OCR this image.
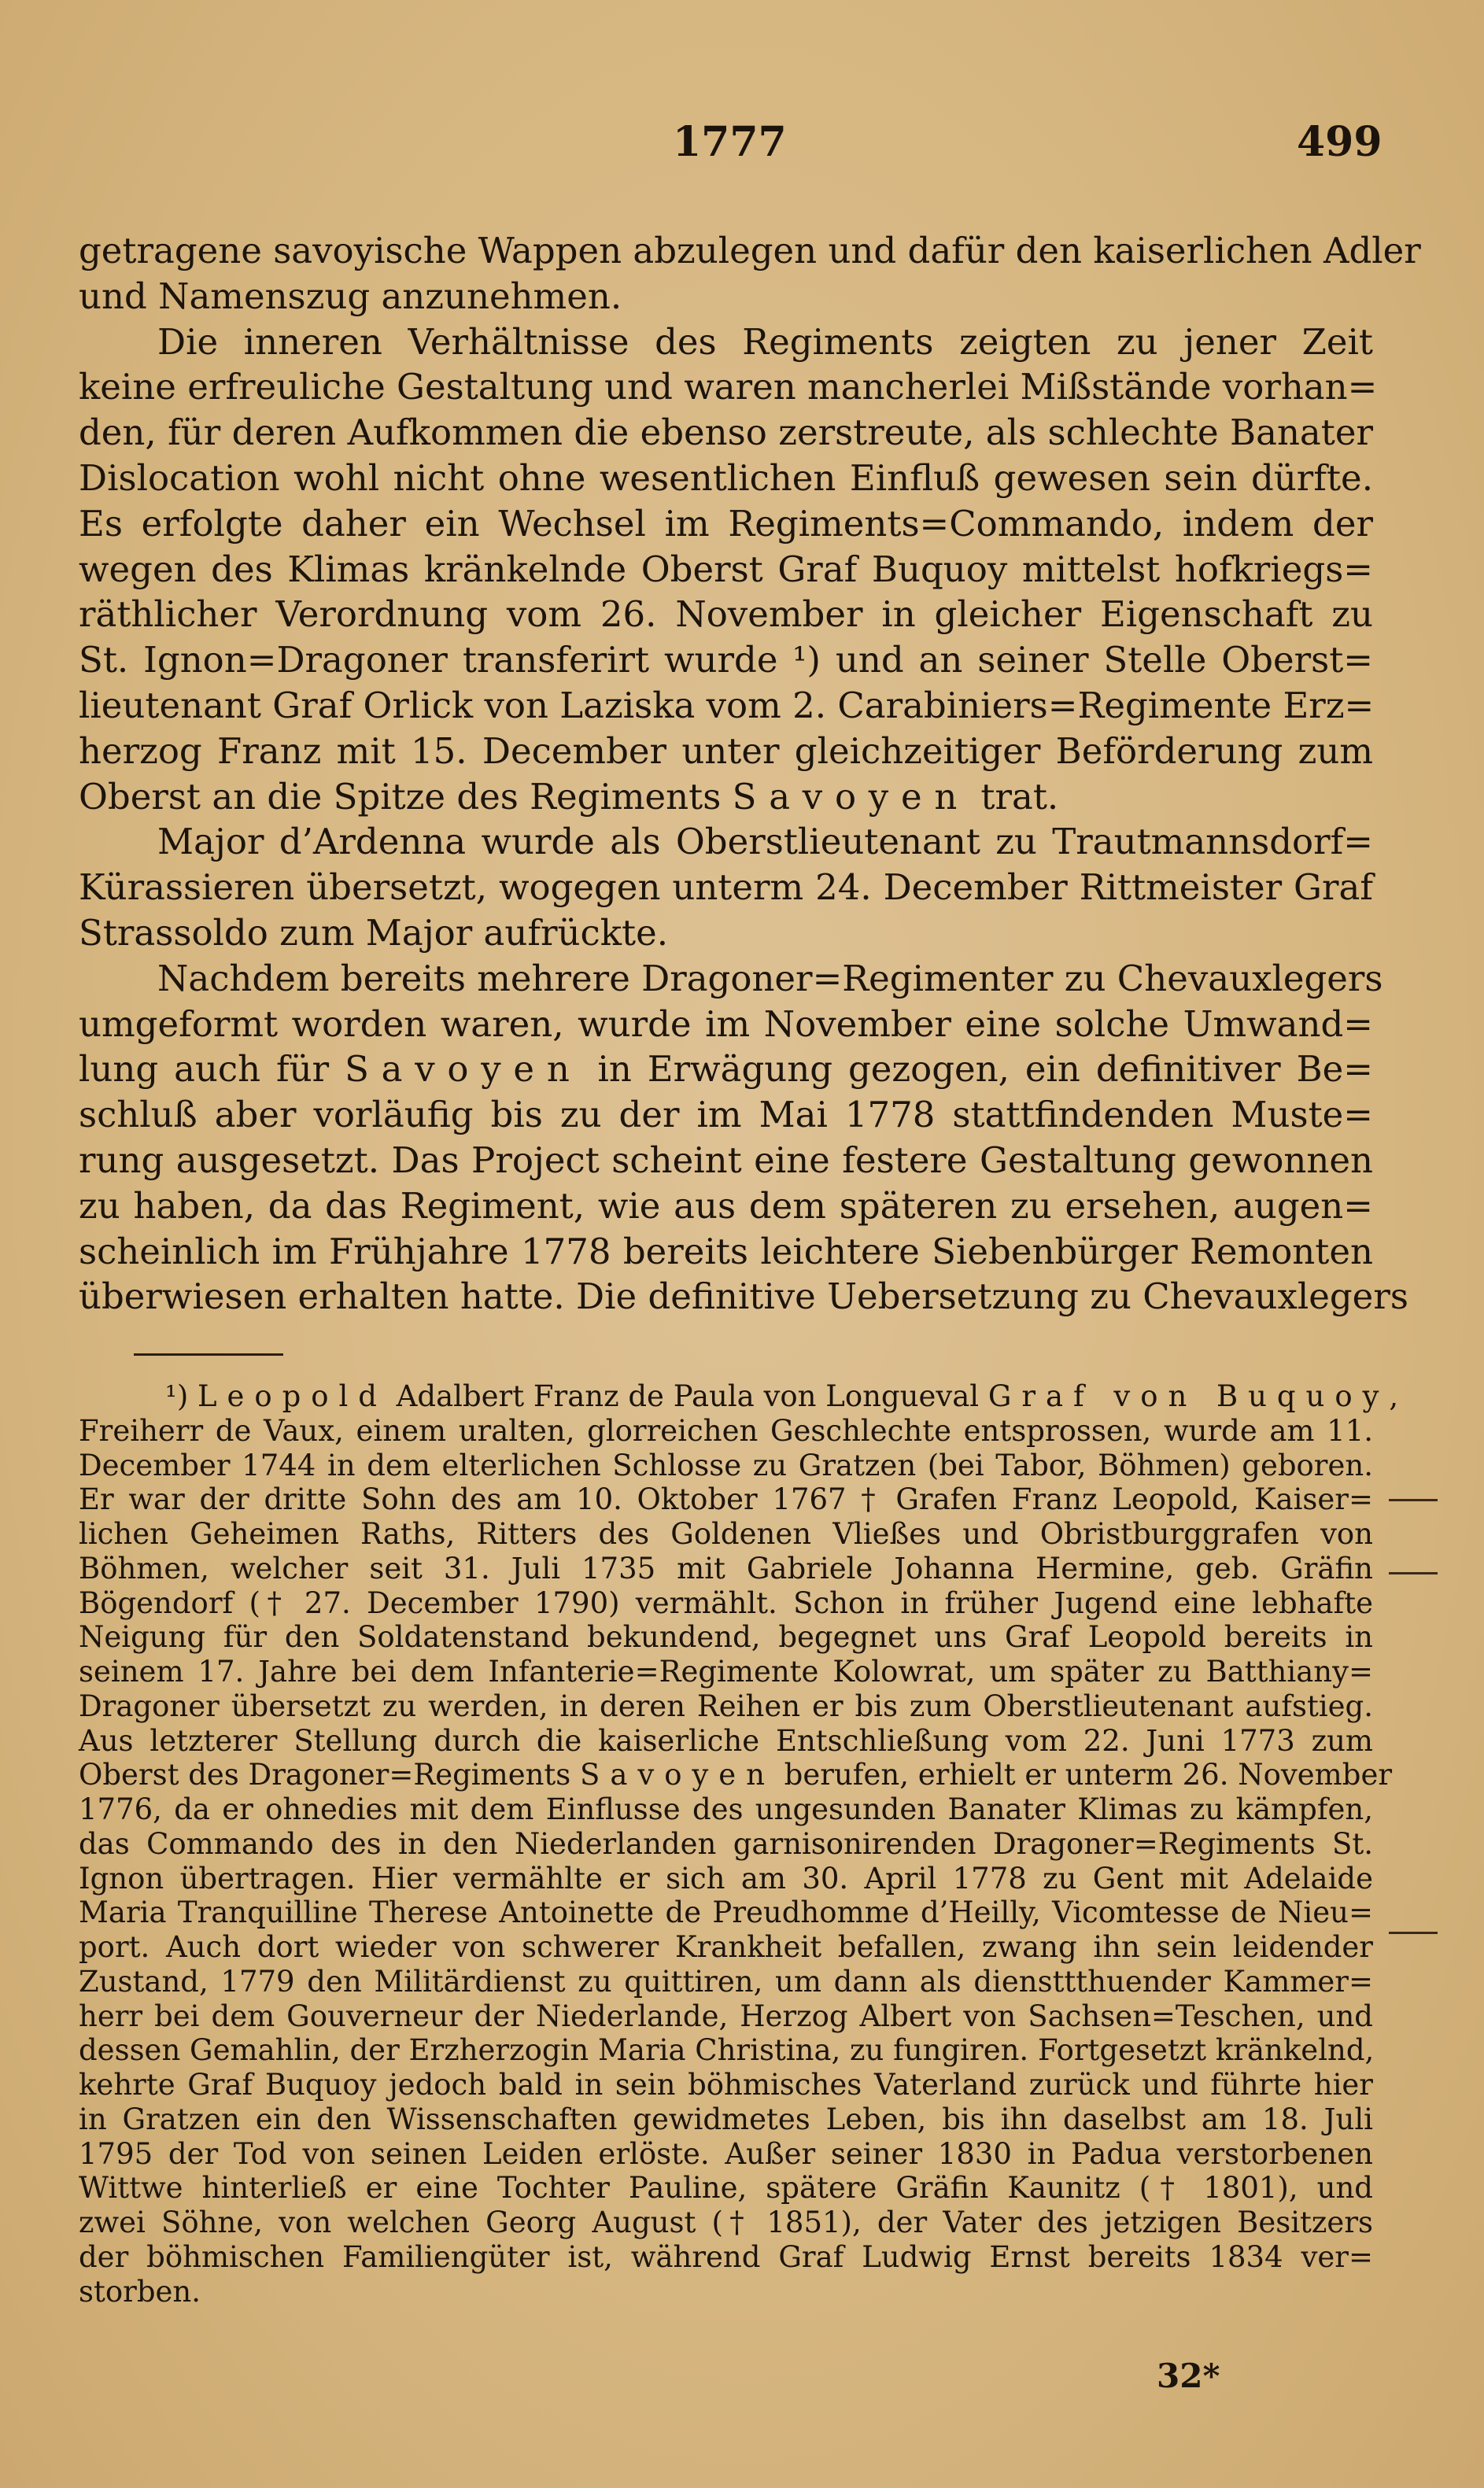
1777	499
getragene savoyische Wappen abzulegen und dafür den kaiserlichen Adler
und Namenszug anzunehmen.
Die inneren Verhältnisse des Regiments zeigten zu jener Zeit
keine erfreuliche Gestaltung und waren mancherlei Mißstände vorhan=
den, für deren Aufkommen die ebenso zerstreute, als schlechte Banater
Dislocation wohl nicht ohne wesentlichen Einfluß gewesen sein dürfte.
Es erfolgte daher ein Wechsel im Regiments=Commando, indem der
wegen des Klimas kränkelnde Oberst Graf Buquoy mittelst hofkriegs=
räthlicher Verordnung vom 26. November in gleicher Eigenschaft zu
St. Ignon=Dragoner transferirt wurde ¹) und an seiner Stelle Oberst=
lieutenant Graf Orlick von Laziska vom 2. Carabiniers=Regimente Erz=
herzog Franz mit 15. December unter gleichzeitiger Beförderung zum
Oberst an die Spitze des Regiments Savoyen trat.
Major d’Ardenna wurde als Oberstlieutenant zu Trautmannsdorf=
Kürassieren übersetzt, wogegen unterm 24. December Rittmeister Graf
Strassoldo zum Major aufrückte.
Nachdem bereits mehrere Dragoner=Regimenter zu Chevauxlegers
umgeformt worden waren, wurde im November eine solche Umwand=
lung auch für Savoyen in Erwägung gezogen, ein definitiver Be=
schluß aber vorläufig bis zu der im Mai 1778 stattfindenden Muste=
rung ausgesetzt. Das Project scheint eine festere Gestaltung gewonnen
zu haben, da das Regiment, wie aus dem späteren zu ersehen, augen=
scheinlich im Frühjahre 1778 bereits leichtere Siebenbürger Remonten
überwiesen erhalten hatte. Die definitive Uebersetzung zu Chevauxlegers
¹) Leopold Adalbert Franz de Paula von Longueval Graf von Buquoy,
Freiherr de Vaux, einem uralten, glorreichen Geschlechte entsprossen, wurde am 11.
December 1744 in dem elterlichen Schlosse zu Gratzen (bei Tabor, Böhmen) geboren.
Er war der dritte Sohn des am 10. Oktober 1767 † Grafen Franz Leopold, Kaiser=
lichen Geheimen Raths, Ritters des Goldenen Vließes und Obristburggrafen von
Böhmen, welcher seit 31. Juli 1735 mit Gabriele Johanna Hermine, geb. Gräfin
Bögendorf († 27. December 1790) vermählt. Schon in früher Jugend eine lebhafte
Neigung für den Soldatenstand bekundend, begegnet uns Graf Leopold bereits in
seinem 17. Jahre bei dem Infanterie=Regimente Kolowrat, um später zu Batthiany=
Dragoner übersetzt zu werden, in deren Reihen er bis zum Oberstlieutenant aufstieg.
Aus letzterer Stellung durch die kaiserliche Entschließung vom 22. Juni 1773 zum
Oberst des Dragoner=Regiments Savoyen berufen, erhielt er unterm 26. November
1776, da er ohnedies mit dem Einflusse des ungesunden Banater Klimas zu kämpfen,
das Commando des in den Niederlanden garnisonirenden Dragoner=Regiments St.
Ignon übertragen. Hier vermählte er sich am 30. April 1778 zu Gent mit Adelaide
Maria Tranquilline Therese Antoinette de Preudhomme d’Heilly, Vicomtesse de Nieu=
port. Auch dort wieder von schwerer Krankheit befallen, zwang ihn sein leidender
Zustand, 1779 den Militärdienst zu quittiren, um dann als diensttthuender Kammer=
herr bei dem Gouverneur der Niederlande, Herzog Albert von Sachsen=Teschen, und
dessen Gemahlin, der Erzherzogin Maria Christina, zu fungiren. Fortgesetzt kränkelnd,
kehrte Graf Buquoy jedoch bald in sein böhmisches Vaterland zurück und führte hier
in Gratzen ein den Wissenschaften gewidmetes Leben, bis ihn daselbst am 18. Juli
1795 der Tod von seinen Leiden erlöste. Außer seiner 1830 in Padua verstorbenen
Wittwe hinterließ er eine Tochter Pauline, spätere Gräfin Kaunitz († 1801), und
zwei Söhne, von welchen Georg August († 1851), der Vater des jetzigen Besitzers
der böhmischen Familiengüter ist, während Graf Ludwig Ernst bereits 1834 ver=
storben.
32*
